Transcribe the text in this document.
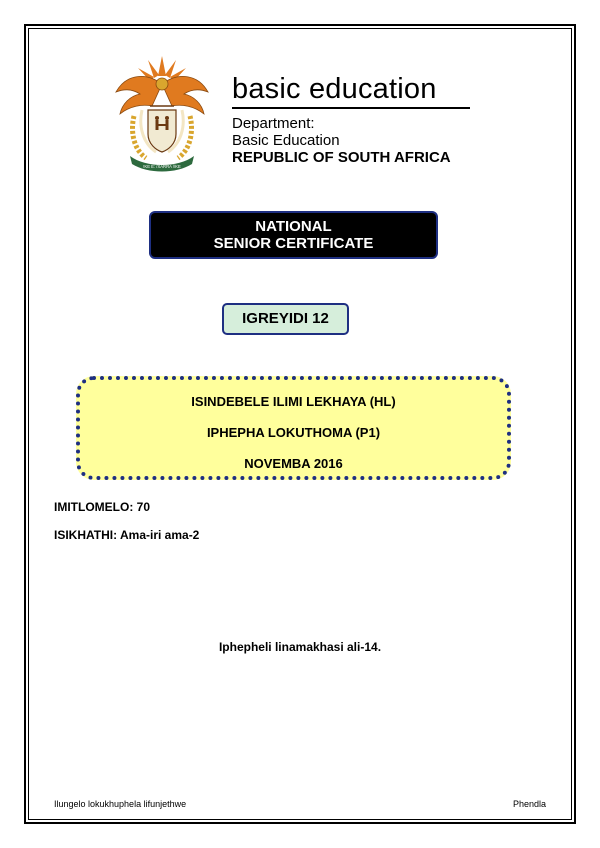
!KE E: /XARRA //KE
basic education
Department:
Basic Education
REPUBLIC OF SOUTH AFRICA
NATIONAL
SENIOR CERTIFICATE
IGREYIDI 12
ISINDEBELE ILIMI LEKHAYA (HL)
IPHEPHA LOKUTHOMA (P1)
NOVEMBA 2016
IMITLOMELO: 70
ISIKHATHI: Ama-iri ama-2
Iphepheli linamakhasi ali-14.
Ilungelo lokukhuphela lifunjethwe	Phendla
